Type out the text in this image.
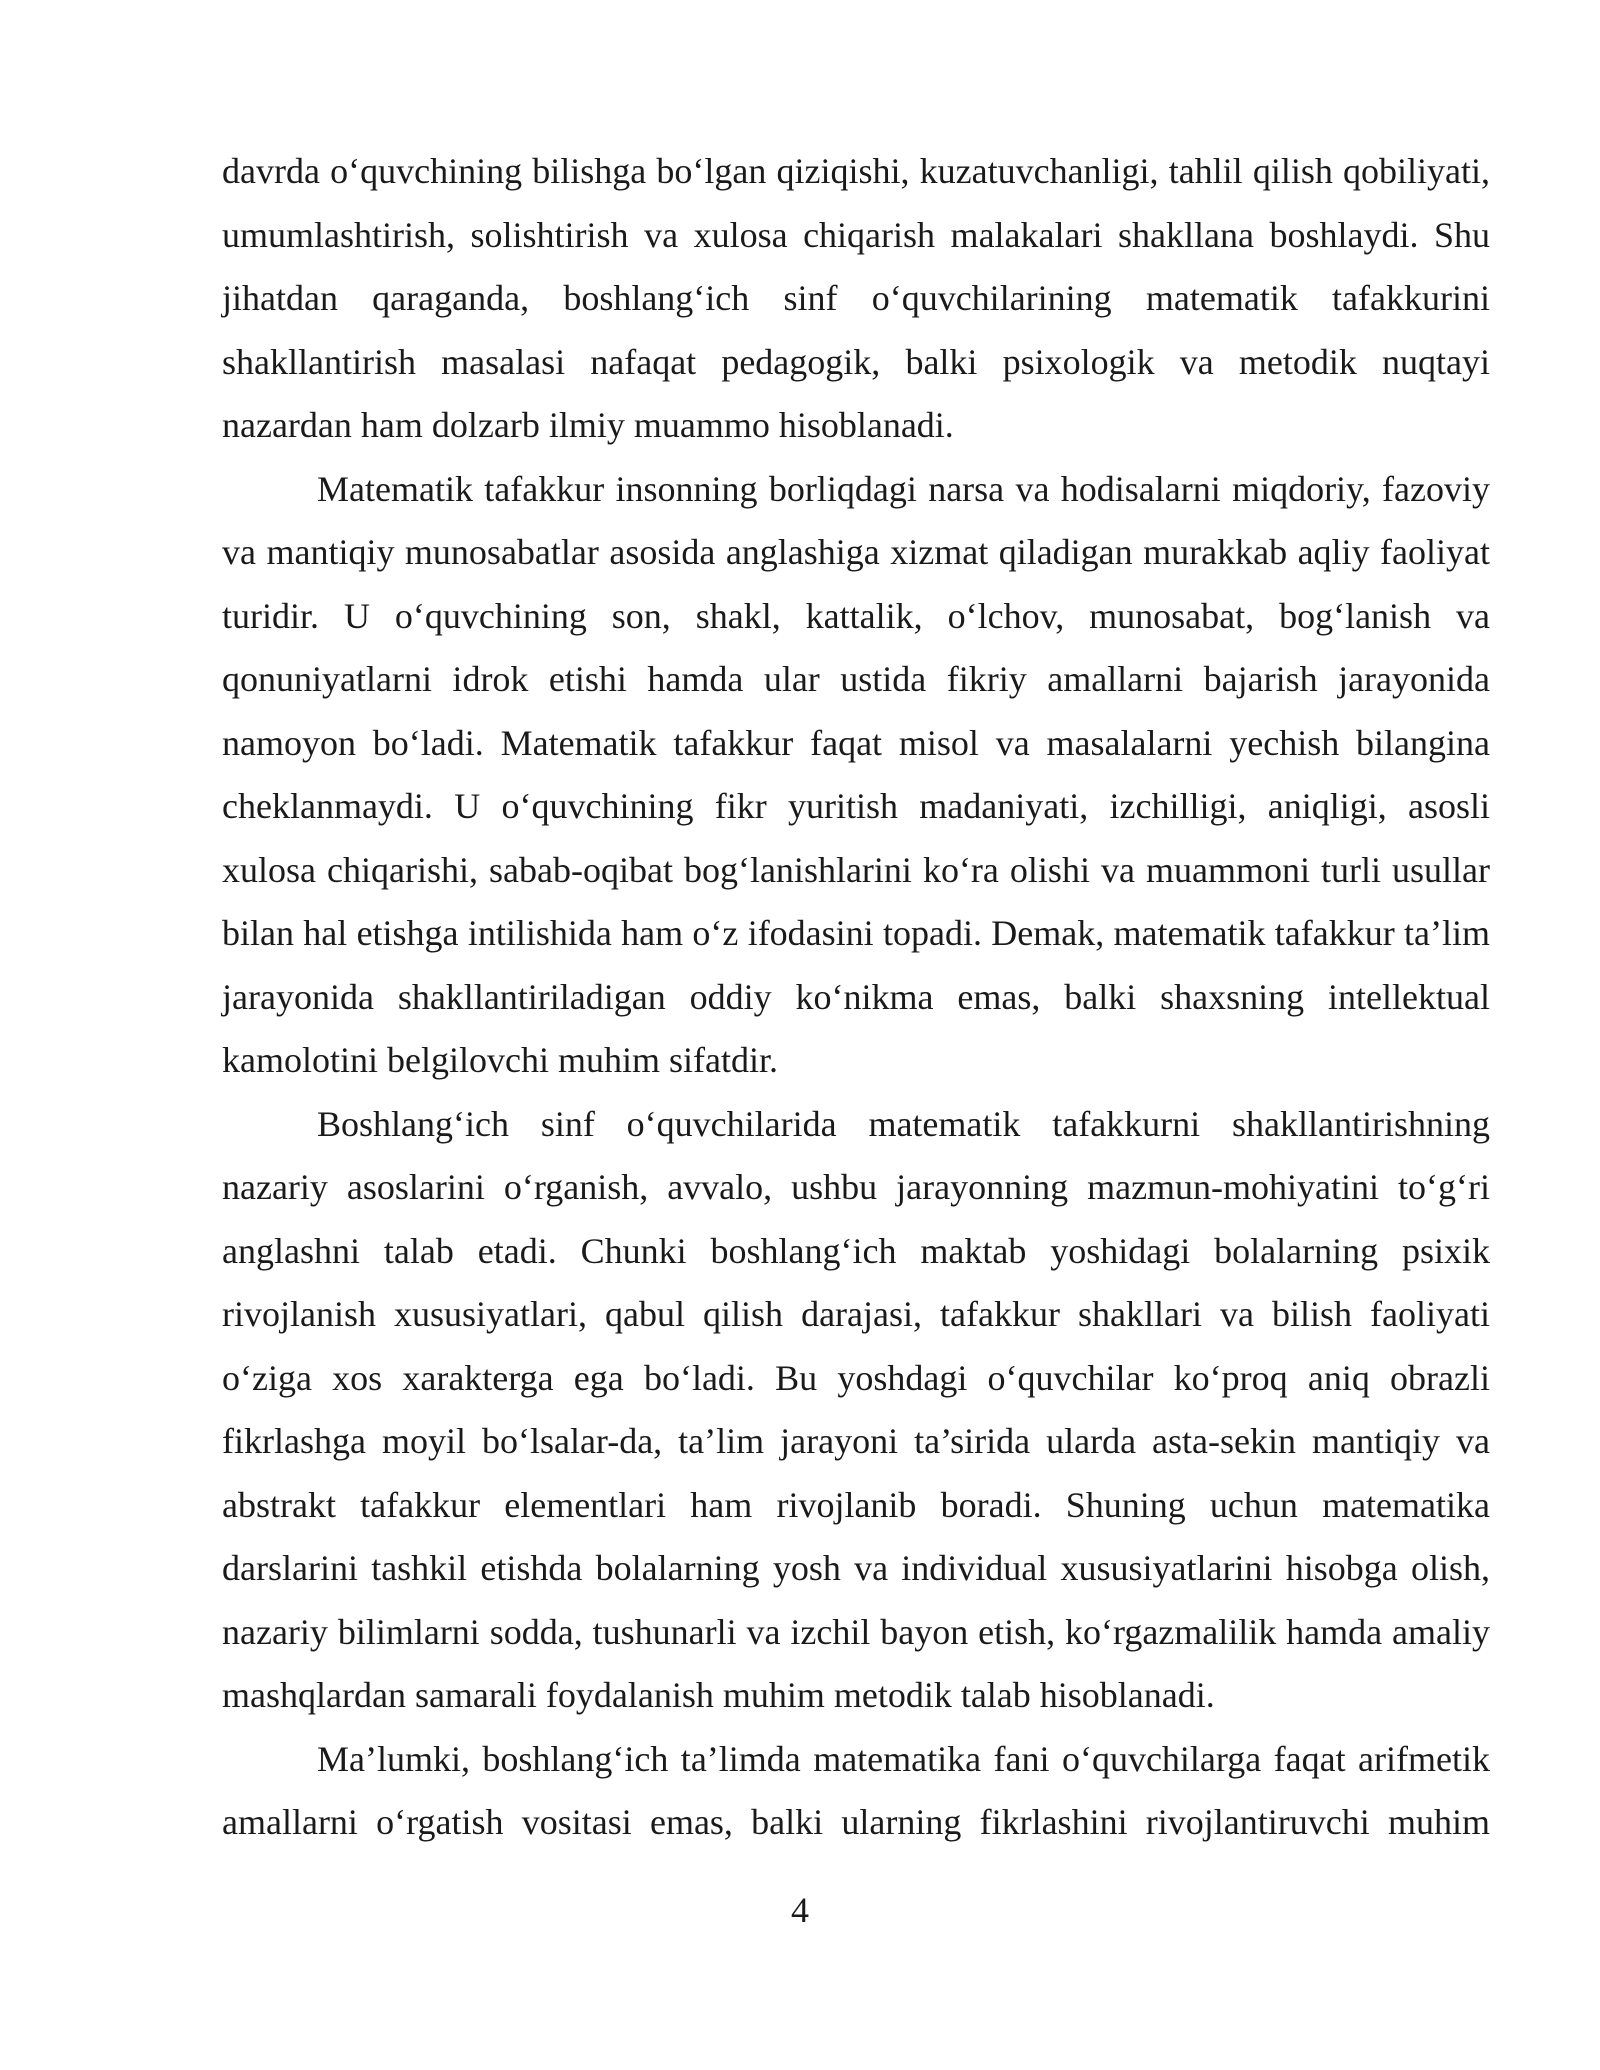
davrda o‘quvchining bilishga bo‘lgan qiziqishi, kuzatuvchanligi, tahlil qilish qobiliyati, umumlashtirish, solishtirish va xulosa chiqarish malakalari shakllana boshlaydi. Shu jihatdan qaraganda, boshlang‘ich sinf o‘quvchilarining matematik tafakkurini shakllantirish masalasi nafaqat pedagogik, balki psixologik va metodik nuqtayi nazardan ham dolzarb ilmiy muammo hisoblanadi.

Matematik tafakkur insonning borliqdagi narsa va hodisalarni miqdoriy, fazoviy va mantiqiy munosabatlar asosida anglashiga xizmat qiladigan murakkab aqliy faoliyat turidir. U o‘quvchining son, shakl, kattalik, o‘lchov, munosabat, bog‘lanish va qonuniyatlarni idrok etishi hamda ular ustida fikriy amallarni bajarish jarayonida namoyon bo‘ladi. Matematik tafakkur faqat misol va masalalarni yechish bilangina cheklanmaydi. U o‘quvchining fikr yuritish madaniyati, izchilligi, aniqligi, asosli xulosa chiqarishi, sabab-oqibat bog‘lanishlarini ko‘ra olishi va muammoni turli usullar bilan hal etishga intilishida ham o‘z ifodasini topadi. Demak, matematik tafakkur ta’lim jarayonida shakllantiriladigan oddiy ko‘nikma emas, balki shaxsning intellektual kamolotini belgilovchi muhim sifatdir.

Boshlang‘ich sinf o‘quvchilarida matematik tafakkurni shakllantirishning nazariy asoslarini o‘rganish, avvalo, ushbu jarayonning mazmun-mohiyatini to‘g‘ri anglashni talab etadi. Chunki boshlang‘ich maktab yoshidagi bolalarning psixik rivojlanish xususiyatlari, qabul qilish darajasi, tafakkur shakllari va bilish faoliyati o‘ziga xos xarakterga ega bo‘ladi. Bu yoshdagi o‘quvchilar ko‘proq aniq obrazli fikrlashga moyil bo‘lsalar-da, ta’lim jarayoni ta’sirida ularda asta-sekin mantiqiy va abstrakt tafakkur elementlari ham rivojlanib boradi. Shuning uchun matematika darslarini tashkil etishda bolalarning yosh va individual xususiyatlarini hisobga olish, nazariy bilimlarni sodda, tushunarli va izchil bayon etish, ko‘rgazmalilik hamda amaliy mashqlardan samarali foydalanish muhim metodik talab hisoblanadi.

Ma’lumki, boshlang‘ich ta’limda matematika fani o‘quvchilarga faqat arifmetik amallarni o‘rgatish vositasi emas, balki ularning fikrlashini rivojlantiruvchi muhim

4
